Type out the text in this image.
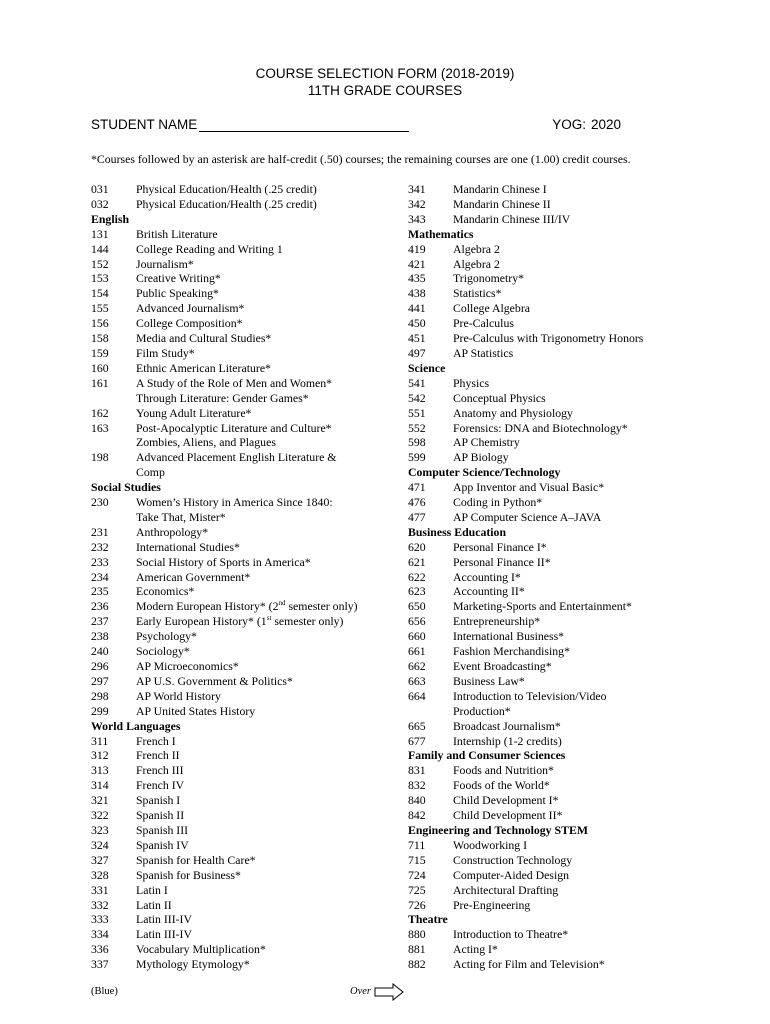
COURSE SELECTION FORM (2018-2019)
11TH GRADE COURSES
STUDENT NAME	YOG: 2020
*Courses followed by an asterisk are half-credit (.50) courses; the remaining courses are one (1.00) credit courses.
031	Physical Education/Health (.25 credit)
032	Physical Education/Health (.25 credit)
English
131	British Literature
144	College Reading and Writing 1
152	Journalism*
153	Creative Writing*
154	Public Speaking*
155	Advanced Journalism*
156	College Composition*
158	Media and Cultural Studies*
159	Film Study*
160	Ethnic American Literature*
161	A Study of the Role of Men and Women*
Through Literature: Gender Games*
162	Young Adult Literature*
163	Post-Apocalyptic Literature and Culture*
Zombies, Aliens, and Plagues
198	Advanced Placement English Literature &
Comp
Social Studies
230	Women’s History in America Since 1840:
Take That, Mister*
231	Anthropology*
232	International Studies*
233	Social History of Sports in America*
234	American Government*
235	Economics*
236	Modern European History* (2nd semester only)
237	Early European History* (1st semester only)
238	Psychology*
240	Sociology*
296	AP Microeconomics*
297	AP U.S. Government & Politics*
298	AP World History
299	AP United States History
World Languages
311	French I
312	French II
313	French III
314	French IV
321	Spanish I
322	Spanish II
323	Spanish III
324	Spanish IV
327	Spanish for Health Care*
328	Spanish for Business*
331	Latin I
332	Latin II
333	Latin III-IV
334	Latin III-IV
336	Vocabulary Multiplication*
337	Mythology Etymology*
341	Mandarin Chinese I
342	Mandarin Chinese II
343	Mandarin Chinese III/IV
Mathematics
419	Algebra 2
421	Algebra 2
435	Trigonometry*
438	Statistics*
441	College Algebra
450	Pre-Calculus
451	Pre-Calculus with Trigonometry Honors
497	AP Statistics
Science
541	Physics
542	Conceptual Physics
551	Anatomy and Physiology
552	Forensics: DNA and Biotechnology*
598	AP Chemistry
599	AP Biology
Computer Science/Technology
471	App Inventor and Visual Basic*
476	Coding in Python*
477	AP Computer Science A–JAVA
Business Education
620	Personal Finance I*
621	Personal Finance II*
622	Accounting I*
623	Accounting II*
650	Marketing-Sports and Entertainment*
656	Entrepreneurship*
660	International Business*
661	Fashion Merchandising*
662	Event Broadcasting*
663	Business Law*
664	Introduction to Television/Video
Production*
665	Broadcast Journalism*
677	Internship (1-2 credits)
Family and Consumer Sciences
831	Foods and Nutrition*
832	Foods of the World*
840	Child Development I*
842	Child Development II*
Engineering and Technology STEM
711	Woodworking I
715	Construction Technology
724	Computer-Aided Design
725	Architectural Drafting
726	Pre-Engineering
Theatre
880	Introduction to Theatre*
881	Acting I*
882	Acting for Film and Television*
(Blue)	Over
